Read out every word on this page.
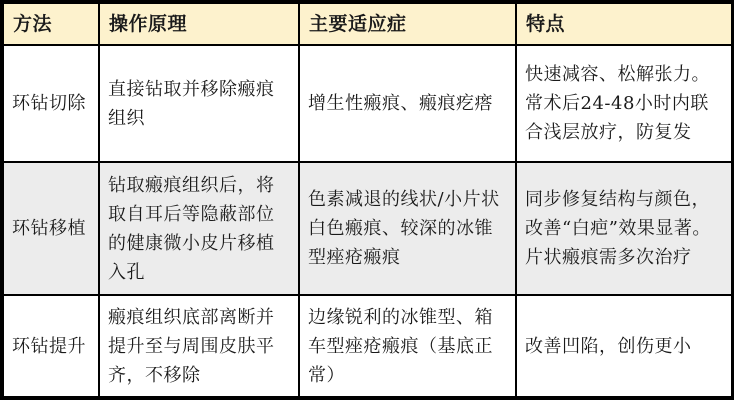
方法	操作原理	主要适应症	特点
环钻切除	直接钻取并移除瘢痕组织	增生性瘢痕、瘢痕疙瘩	快速减容、松解张力。常术后24-48小时内联合浅层放疗，防复发
环钻移植	钻取瘢痕组织后，将取自耳后等隐蔽部位的健康微小皮片移植入孔	色素减退的线状/小片状白色瘢痕、较深的冰锥型痤疮瘢痕	同步修复结构与颜色，改善“白疤”效果显著。片状瘢痕需多次治疗
环钻提升	瘢痕组织底部离断并提升至与周围皮肤平齐，不移除	边缘锐利的冰锥型、箱车型痤疮瘢痕（基底正常）	改善凹陷，创伤更小
